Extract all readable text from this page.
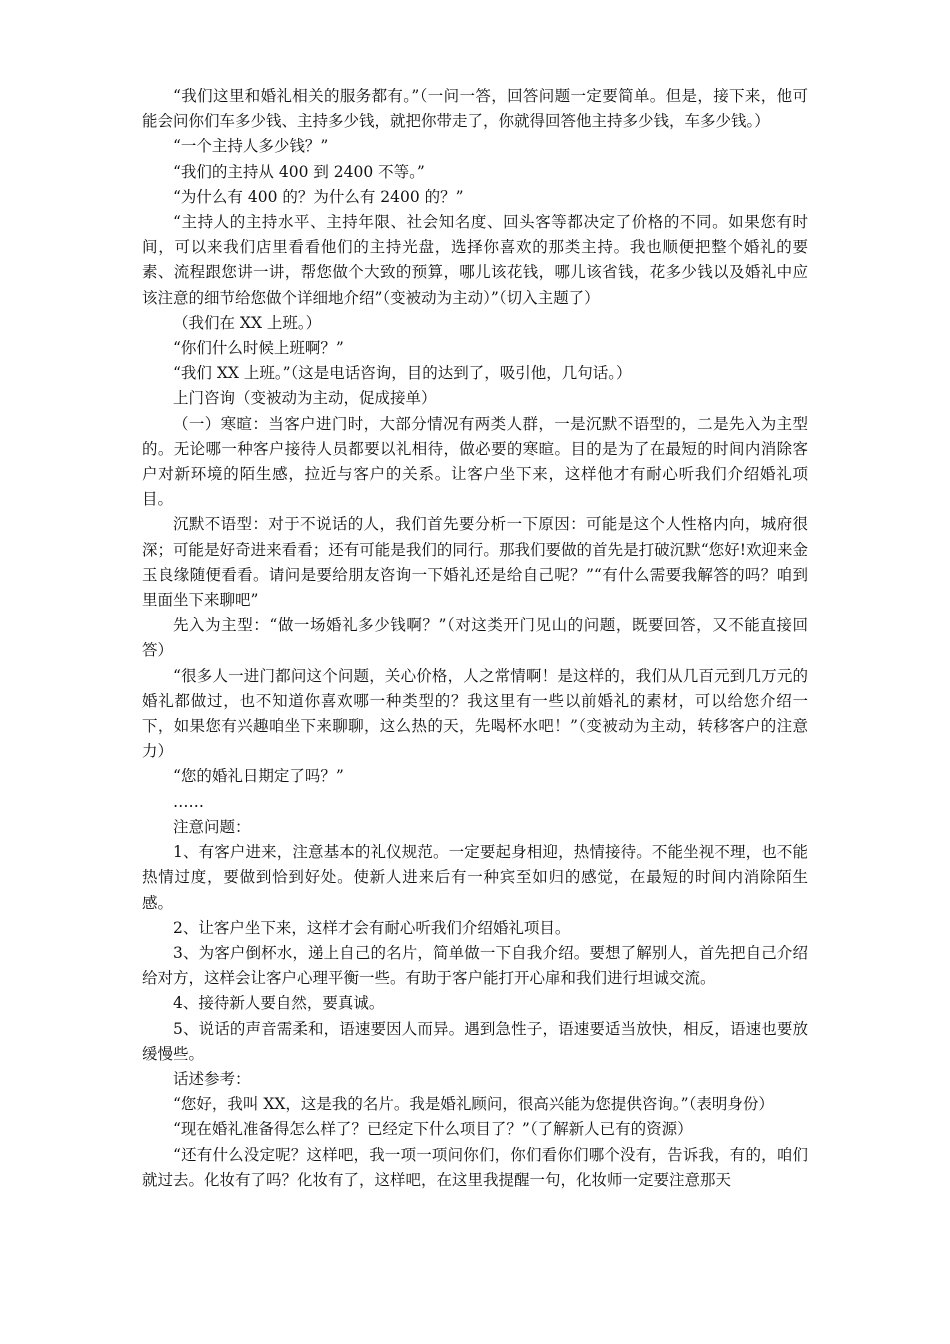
“我们这里和婚礼相关的服务都有。”（一问一答，回答问题一定要简单。但是，接下来，他可能会问你们车多少钱、主持多少钱，就把你带走了，你就得回答他主持多少钱，车多少钱。）

“一个主持人多少钱？”

“我们的主持从 400 到 2400 不等。”

“为什么有 400 的？为什么有 2400 的？”

“主持人的主持水平、主持年限、社会知名度、回头客等都决定了价格的不同。如果您有时间，可以来我们店里看看他们的主持光盘，选择你喜欢的那类主持。我也顺便把整个婚礼的要素、流程跟您讲一讲，帮您做个大致的预算，哪儿该花钱，哪儿该省钱，花多少钱以及婚礼中应该注意的细节给您做个详细地介绍”（变被动为主动）”（切入主题了）

（我们在 XX 上班。）

“你们什么时候上班啊？”

“我们 XX 上班。”（这是电话咨询，目的达到了，吸引他，几句话。）

上门咨询（变被动为主动，促成接单）

（一）寒暄：当客户进门时，大部分情况有两类人群，一是沉默不语型的，二是先入为主型的。无论哪一种客户接待人员都要以礼相待，做必要的寒暄。目的是为了在最短的时间内消除客户对新环境的陌生感，拉近与客户的关系。让客户坐下来，这样他才有耐心听我们介绍婚礼项目。

沉默不语型：对于不说话的人，我们首先要分析一下原因：可能是这个人性格内向，城府很深；可能是好奇进来看看；还有可能是我们的同行。那我们要做的首先是打破沉默“您好!欢迎来金玉良缘随便看看。请问是要给朋友咨询一下婚礼还是给自己呢？”“有什么需要我解答的吗？咱到里面坐下来聊吧”

先入为主型：“做一场婚礼多少钱啊？”（对这类开门见山的问题，既要回答，又不能直接回答）

“很多人一进门都问这个问题，关心价格，人之常情啊！是这样的，我们从几百元到几万元的婚礼都做过，也不知道你喜欢哪一种类型的？我这里有一些以前婚礼的素材，可以给您介绍一下，如果您有兴趣咱坐下来聊聊，这么热的天，先喝杯水吧！”（变被动为主动，转移客户的注意力）

“您的婚礼日期定了吗？”

……

注意问题：

1、有客户进来，注意基本的礼仪规范。一定要起身相迎，热情接待。不能坐视不理，也不能热情过度，要做到恰到好处。使新人进来后有一种宾至如归的感觉，在最短的时间内消除陌生感。

2、让客户坐下来，这样才会有耐心听我们介绍婚礼项目。

3、为客户倒杯水，递上自己的名片，简单做一下自我介绍。要想了解别人，首先把自己介绍给对方，这样会让客户心理平衡一些。有助于客户能打开心扉和我们进行坦诚交流。

4、接待新人要自然，要真诚。

5、说话的声音需柔和，语速要因人而异。遇到急性子，语速要适当放快，相反，语速也要放缓慢些。

话述参考：

“您好，我叫 XX，这是我的名片。我是婚礼顾问，很高兴能为您提供咨询。”（表明身份）

“现在婚礼准备得怎么样了？已经定下什么项目了？”（了解新人已有的资源）

“还有什么没定呢？这样吧，我一项一项问你们，你们看你们哪个没有，告诉我，有的，咱们就过去。化妆有了吗？化妆有了，这样吧，在这里我提醒一句，化妆师一定要注意那天
